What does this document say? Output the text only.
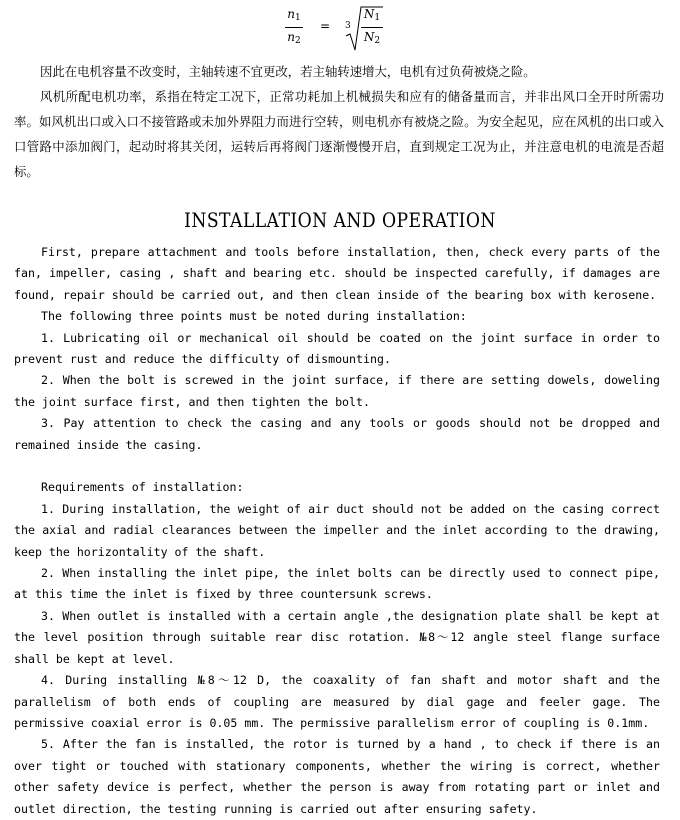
$n_1$
$n_2$
= 3
$N_1$
$N_2$

因此在电机容量不改变时，主轴转速不宜更改，若主轴转速增大，电机有过负荷被烧之险。

风机所配电机功率，系指在特定工况下，正常功耗加上机械损失和应有的储备量而言，并非出风口全开时所需功率。如风机出口或入口不接管路或未加外界阻力而进行空转，则电机亦有被烧之险。为安全起见，应在风机的出口或入口管路中添加阀门，起动时将其关闭，运转后再将阀门逐渐慢慢开启，直到规定工况为止，并注意电机的电流是否超标。

INSTALLATION AND OPERATION

First, prepare attachment and tools before installation, then, check every parts of the fan, impeller, casing , shaft and bearing etc. should be inspected carefully, if damages are found, repair should be carried out, and then clean inside of the bearing box with kerosene.

The following three points must be noted during installation:

1. Lubricating oil or mechanical oil should be coated on the joint surface in order to prevent rust and reduce the difficulty of dismounting.

2. When the bolt is screwed in the joint surface, if there are setting dowels, doweling the joint surface first, and then tighten the bolt.

3. Pay attention to check the casing and any tools or goods should not be dropped and remained inside the casing.

Requirements of installation:

1. During installation, the weight of air duct should not be added on the casing correct the axial and radial clearances between the impeller and the inlet according to the drawing, keep the horizontality of the shaft.

2. When installing the inlet pipe, the inlet bolts can be directly used to connect pipe, at this time the inlet is fixed by three countersunk screws.

3. When outlet is installed with a certain angle ,the designation plate shall be kept at the level position through suitable rear disc rotation. №8～12 angle steel flange surface shall be kept at level.

4. During installing №8～12 D, the coaxality of fan shaft and motor shaft and the parallelism of both ends of coupling are measured by dial gage and feeler gage. The permissive coaxial error is 0.05 mm. The permissive parallelism error of coupling is 0.1mm.

5. After the fan is installed, the rotor is turned by a hand , to check if there is an over tight or touched with stationary components, whether the wiring is correct, whether other safety device is perfect, whether the person is away from rotating part or inlet and outlet direction, the testing running is carried out after ensuring safety.
